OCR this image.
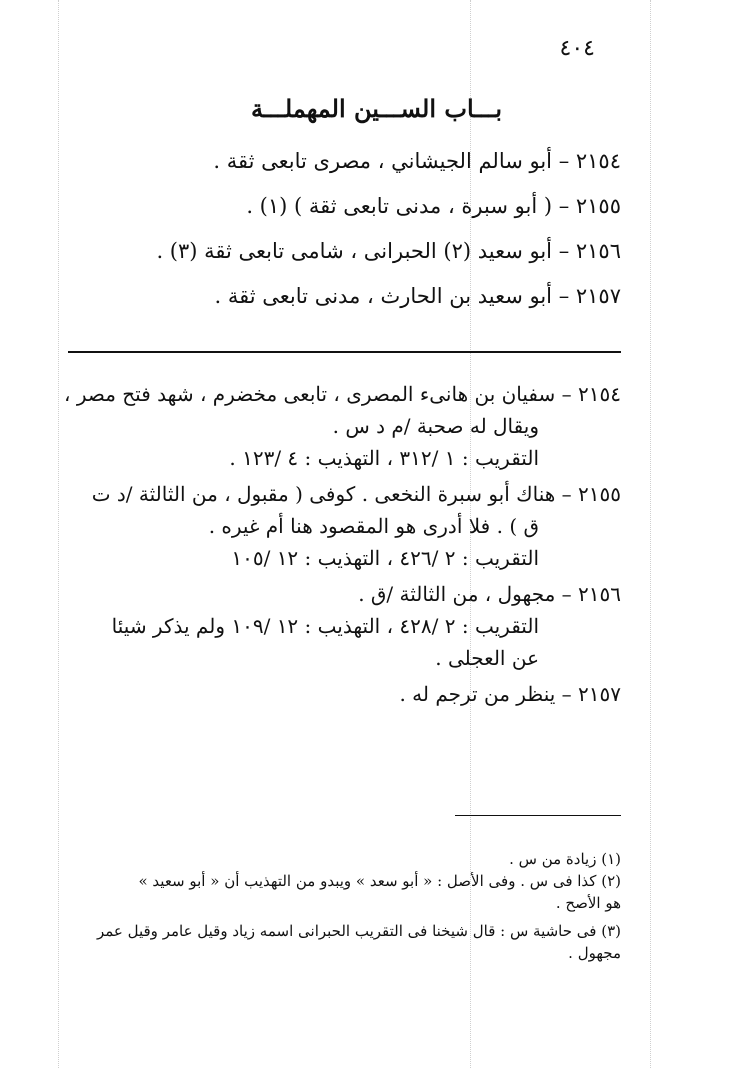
٤٠٤
بـــاب الســـين المهملـــة
٢١٥٤ – أبو سالم الجيشاني ، مصرى تابعى ثقة .
٢١٥٥ – ( أبو سبرة ، مدنى تابعى ثقة ) (١) .
٢١٥٦ – أبو سعيد (٢) الحبرانى ، شامى تابعى ثقة (٣) .
٢١٥٧ – أبو سعيد بن الحارث ، مدنى تابعى ثقة .
٢١٥٤ – سفيان بن هانىء المصرى ، تابعى مخضرم ، شهد فتح مصر ،
ويقال له صحبة /م د س .
التقريب : ١ /٣١٢ ، التهذيب : ٤ /١٢٣ .
٢١٥٥ – هناك أبو سبرة النخعى . كوفى ( مقبول ، من الثالثة /د ت
ق ) . فلا أدرى هو المقصود هنا أم غيره .
التقريب : ٢ /٤٢٦ ، التهذيب : ١٢ /١٠٥
٢١٥٦ – مجهول ، من الثالثة /ق .
التقريب : ٢ /٤٢٨ ، التهذيب : ١٢ /١٠٩ ولم يذكر شيئا
عن العجلى .
٢١٥٧ – ينظر من ترجم له .
(١) زيادة من س .
(٢) كذا فى س . وفى الأصل : « أبو سعد » ويبدو من التهذيب أن « أبو سعيد »
هو الأصح .
(٣) فى حاشية س : قال شيخنا فى التقريب الحبرانى اسمه زياد وقيل عامر وقيل عمر
مجهول .
